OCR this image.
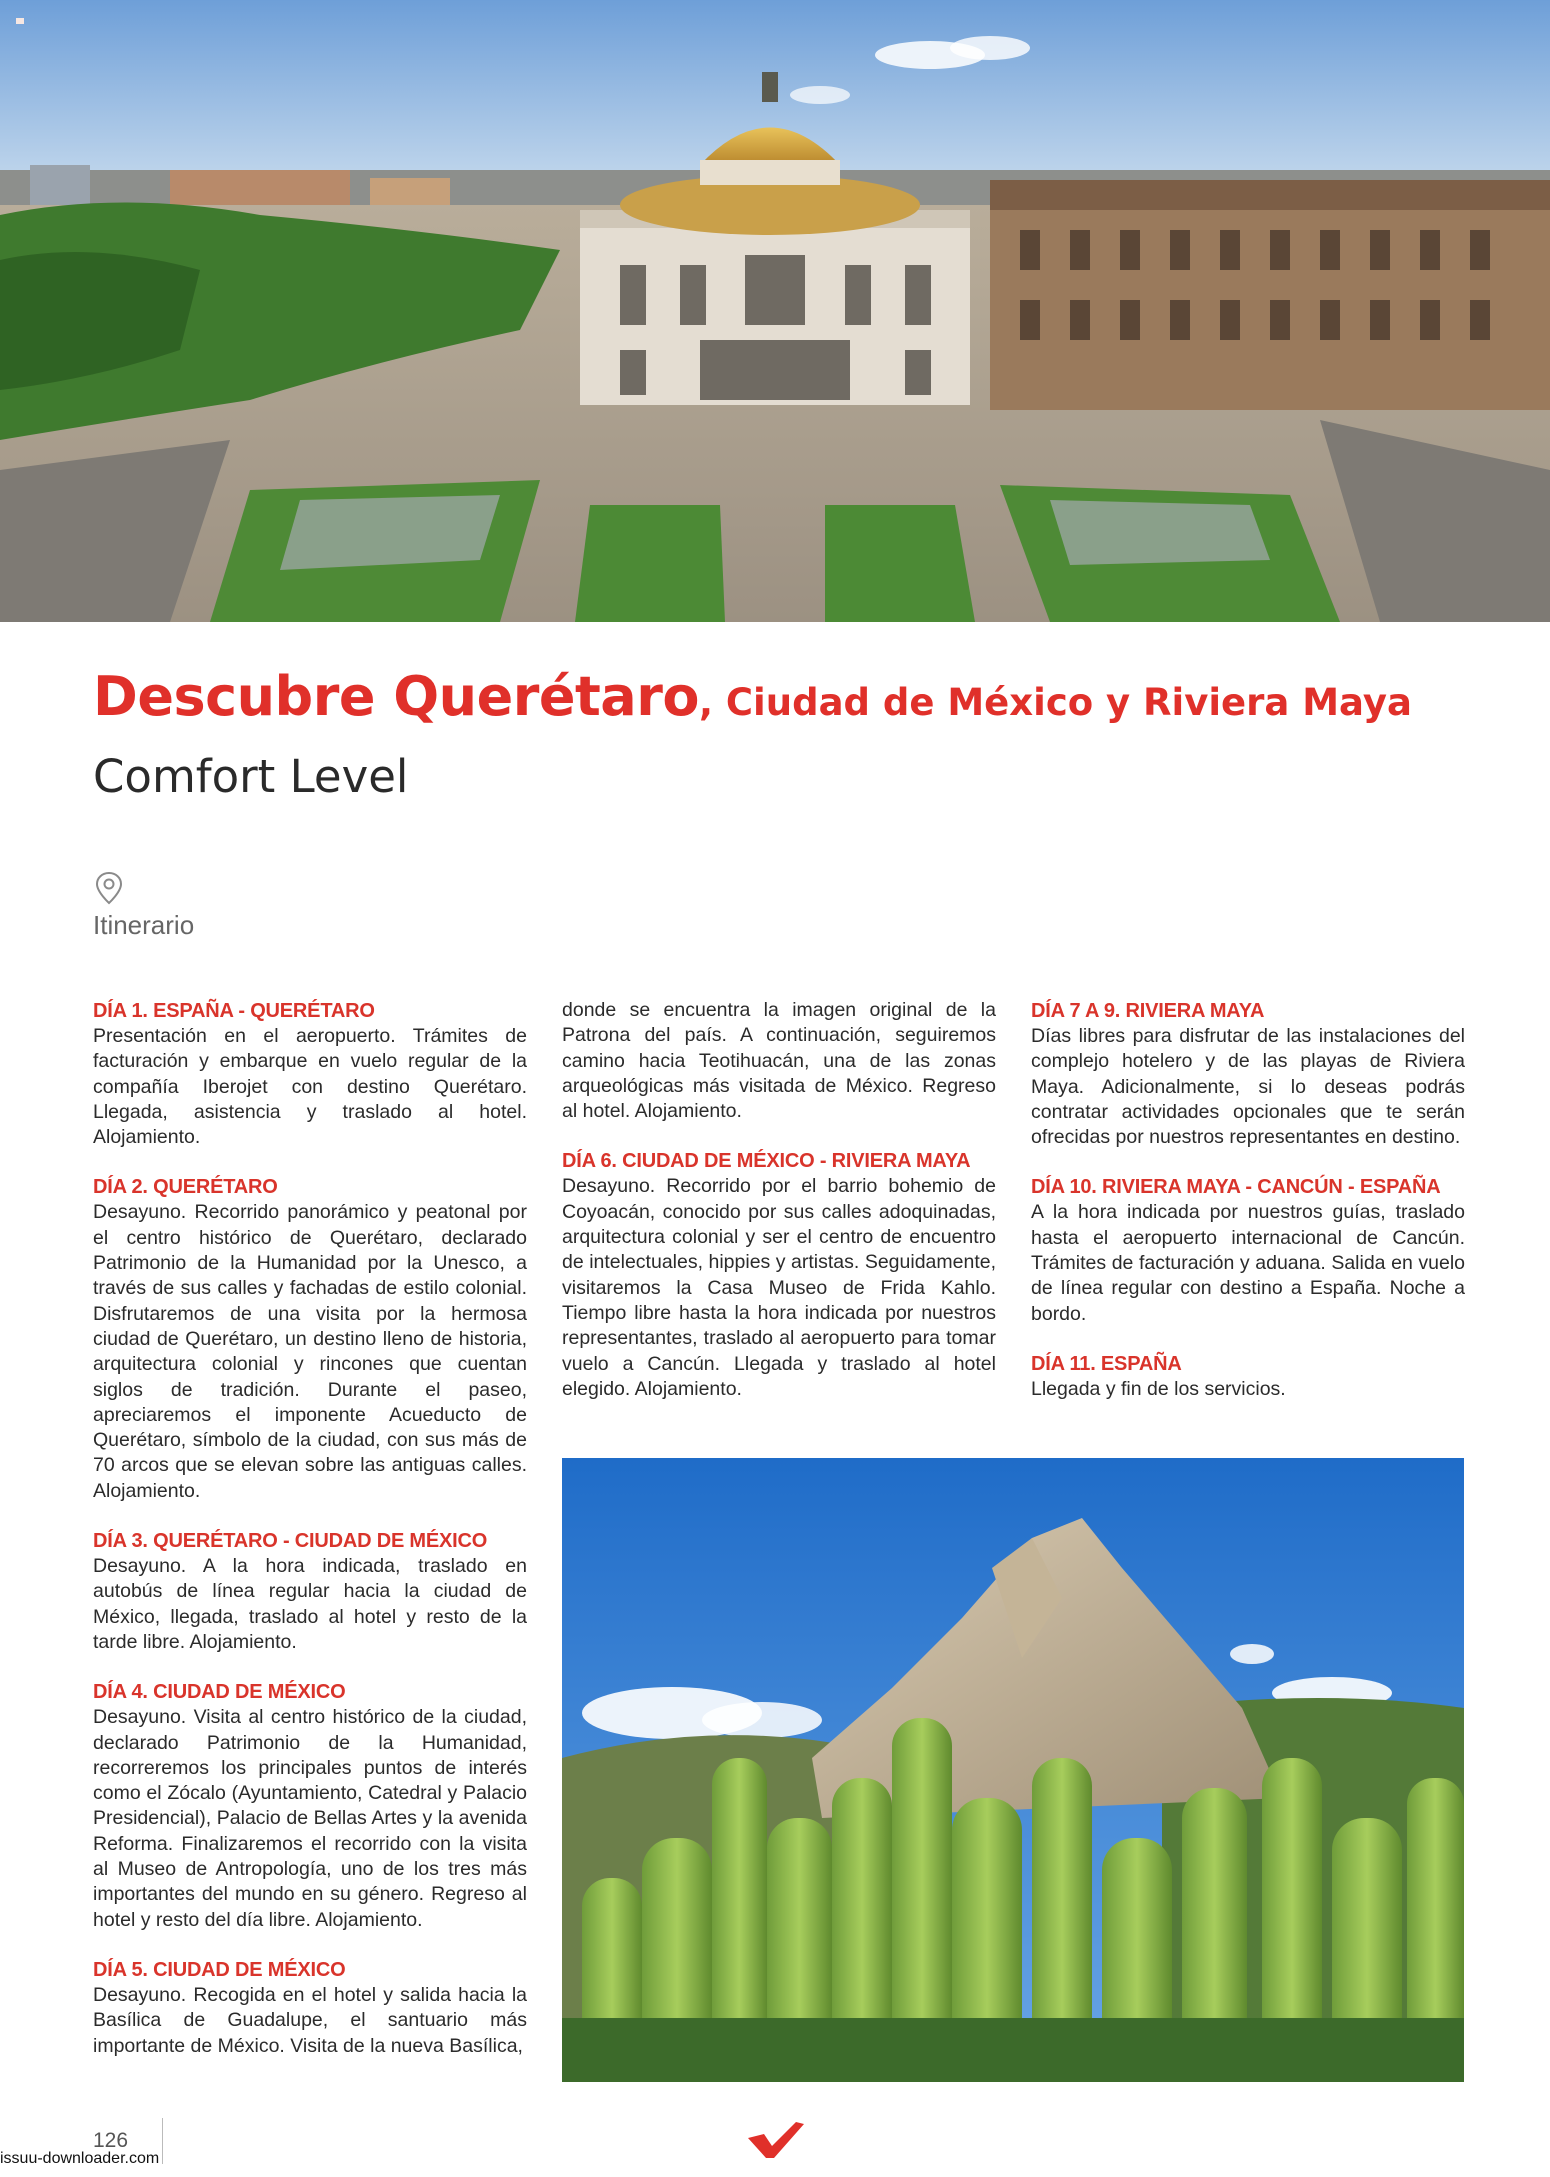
Descubre Querétaro, Ciudad de México y Riviera Maya
Comfort Level
Itinerario
DÍA 1. ESPAÑA - QUERÉTARO

Presentación en el aeropuerto. Trámites de facturación y embarque en vuelo regular de la compañía Iberojet con destino Querétaro. Llegada, asistencia y traslado al hotel. Alojamiento.

DÍA 2. QUERÉTARO

Desayuno. Recorrido panorámico y peatonal por el centro histórico de Querétaro, declarado Patrimonio de la Humanidad por la Unesco, a través de sus calles y fachadas de estilo colonial. Disfrutaremos de una visita por la hermosa ciudad de Querétaro, un destino lleno de historia, arquitectura colonial y rincones que cuentan siglos de tradición. Durante el paseo, apreciaremos el imponente Acueducto de Querétaro, símbolo de la ciudad, con sus más de 70 arcos que se elevan sobre las antiguas calles. Alojamiento.

DÍA 3. QUERÉTARO - CIUDAD DE MÉXICO

Desayuno. A la hora indicada, traslado en autobús de línea regular hacia la ciudad de México, llegada, traslado al hotel y resto de la tarde libre. Alojamiento.

DÍA 4. CIUDAD DE MÉXICO

Desayuno. Visita al centro histórico de la ciudad, declarado Patrimonio de la Humanidad, recorreremos los principales puntos de interés como el Zócalo (Ayuntamiento, Catedral y Palacio Presidencial), Palacio de Bellas Artes y la avenida Reforma. Finalizaremos el recorrido con la visita al Museo de Antropología, uno de los tres más importantes del mundo en su género. Regreso al hotel y resto del día libre. Alojamiento.

DÍA 5. CIUDAD DE MÉXICO

Desayuno. Recogida en el hotel y salida hacia la Basílica de Guadalupe, el santuario más importante de México. Visita de la nueva Basílica,

donde se encuentra la imagen original de la Patrona del país. A continuación, seguiremos camino hacia Teotihuacán, una de las zonas arqueológicas más visitada de México. Regreso al hotel. Alojamiento.

DÍA 6. CIUDAD DE MÉXICO - RIVIERA MAYA

Desayuno. Recorrido por el barrio bohemio de Coyoacán, conocido por sus calles adoquinadas, arquitectura colonial y ser el centro de encuentro de intelectuales, hippies y artistas. Seguidamente, visitaremos la Casa Museo de Frida Kahlo. Tiempo libre hasta la hora indicada por nuestros representantes, traslado al aeropuerto para tomar vuelo a Cancún. Llegada y traslado al hotel elegido. Alojamiento.

DÍA 7 A 9. RIVIERA MAYA

Días libres para disfrutar de las instalaciones del complejo hotelero y de las playas de Riviera Maya. Adicionalmente, si lo deseas podrás contratar actividades opcionales que te serán ofrecidas por nuestros representantes en destino.

DÍA 10. RIVIERA MAYA - CANCÚN - ESPAÑA

A la hora indicada por nuestros guías, traslado hasta el aeropuerto internacional de Cancún. Trámites de facturación y aduana. Salida en vuelo de línea regular con destino a España. Noche a bordo.

DÍA 11. ESPAÑA

Llegada y fin de los servicios.

126
issuu-downloader.com
